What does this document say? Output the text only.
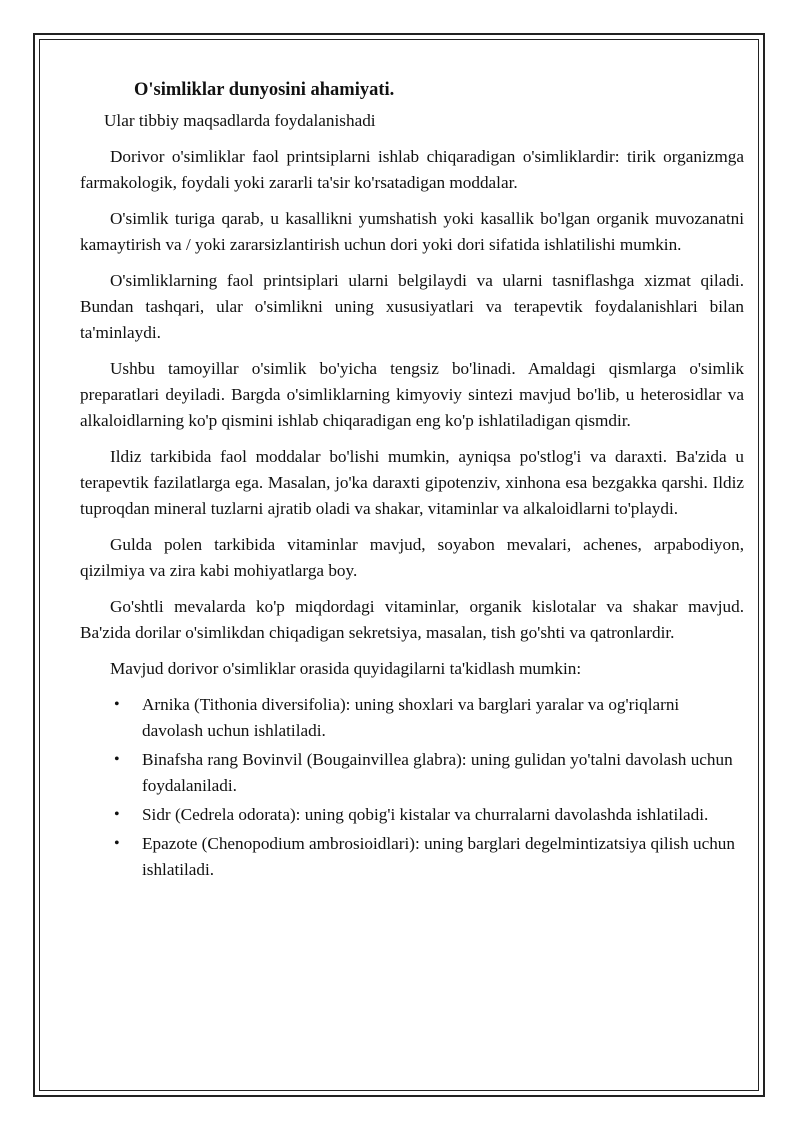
O'simliklar dunyosini ahamiyati.

Ular tibbiy maqsadlarda foydalanishadi

Dorivor o'simliklar faol printsiplarni ishlab chiqaradigan o'simliklardir: tirik organizmga farmakologik, foydali yoki zararli ta'sir ko'rsatadigan moddalar.

O'simlik turiga qarab, u kasallikni yumshatish yoki kasallik bo'lgan organik muvozanatni kamaytirish va / yoki zararsizlantirish uchun dori yoki dori sifatida ishlatilishi mumkin.

O'simliklarning faol printsiplari ularni belgilaydi va ularni tasniflashga xizmat qiladi. Bundan tashqari, ular o'simlikni uning xususiyatlari va terapevtik foydalanishlari bilan ta'minlaydi.

Ushbu tamoyillar o'simlik bo'yicha tengsiz bo'linadi. Amaldagi qismlarga o'simlik preparatlari deyiladi. Bargda o'simliklarning kimyoviy sintezi mavjud bo'lib, u heterosidlar va alkaloidlarning ko'p qismini ishlab chiqaradigan eng ko'p ishlatiladigan qismdir.

Ildiz tarkibida faol moddalar bo'lishi mumkin, ayniqsa po'stlog'i va daraxti. Ba'zida u terapevtik fazilatlarga ega. Masalan, jo'ka daraxti gipotenziv, xinhona esa bezgakka qarshi. Ildiz tuproqdan mineral tuzlarni ajratib oladi va shakar, vitaminlar va alkaloidlarni to'playdi.

Gulda polen tarkibida vitaminlar mavjud, soyabon mevalari, achenes, arpabodiyon, qizilmiya va zira kabi mohiyatlarga boy.

Go'shtli mevalarda ko'p miqdordagi vitaminlar, organik kislotalar va shakar mavjud. Ba'zida dorilar o'simlikdan chiqadigan sekretsiya, masalan, tish go'shti va qatronlardir.

Mavjud dorivor o'simliklar orasida quyidagilarni ta'kidlash mumkin:

• Arnika (Tithonia diversifolia): uning shoxlari va barglari yaralar va og'riqlarni davolash uchun ishlatiladi.
• Binafsha rang Bovinvil (Bougainvillea glabra): uning gulidan yo'talni davolash uchun foydalaniladi.
• Sidr (Cedrela odorata): uning qobig'i kistalar va churralarni davolashda ishlatiladi.
• Epazote (Chenopodium ambrosioidlari): uning barglari degelmintizatsiya qilish uchun ishlatiladi.
